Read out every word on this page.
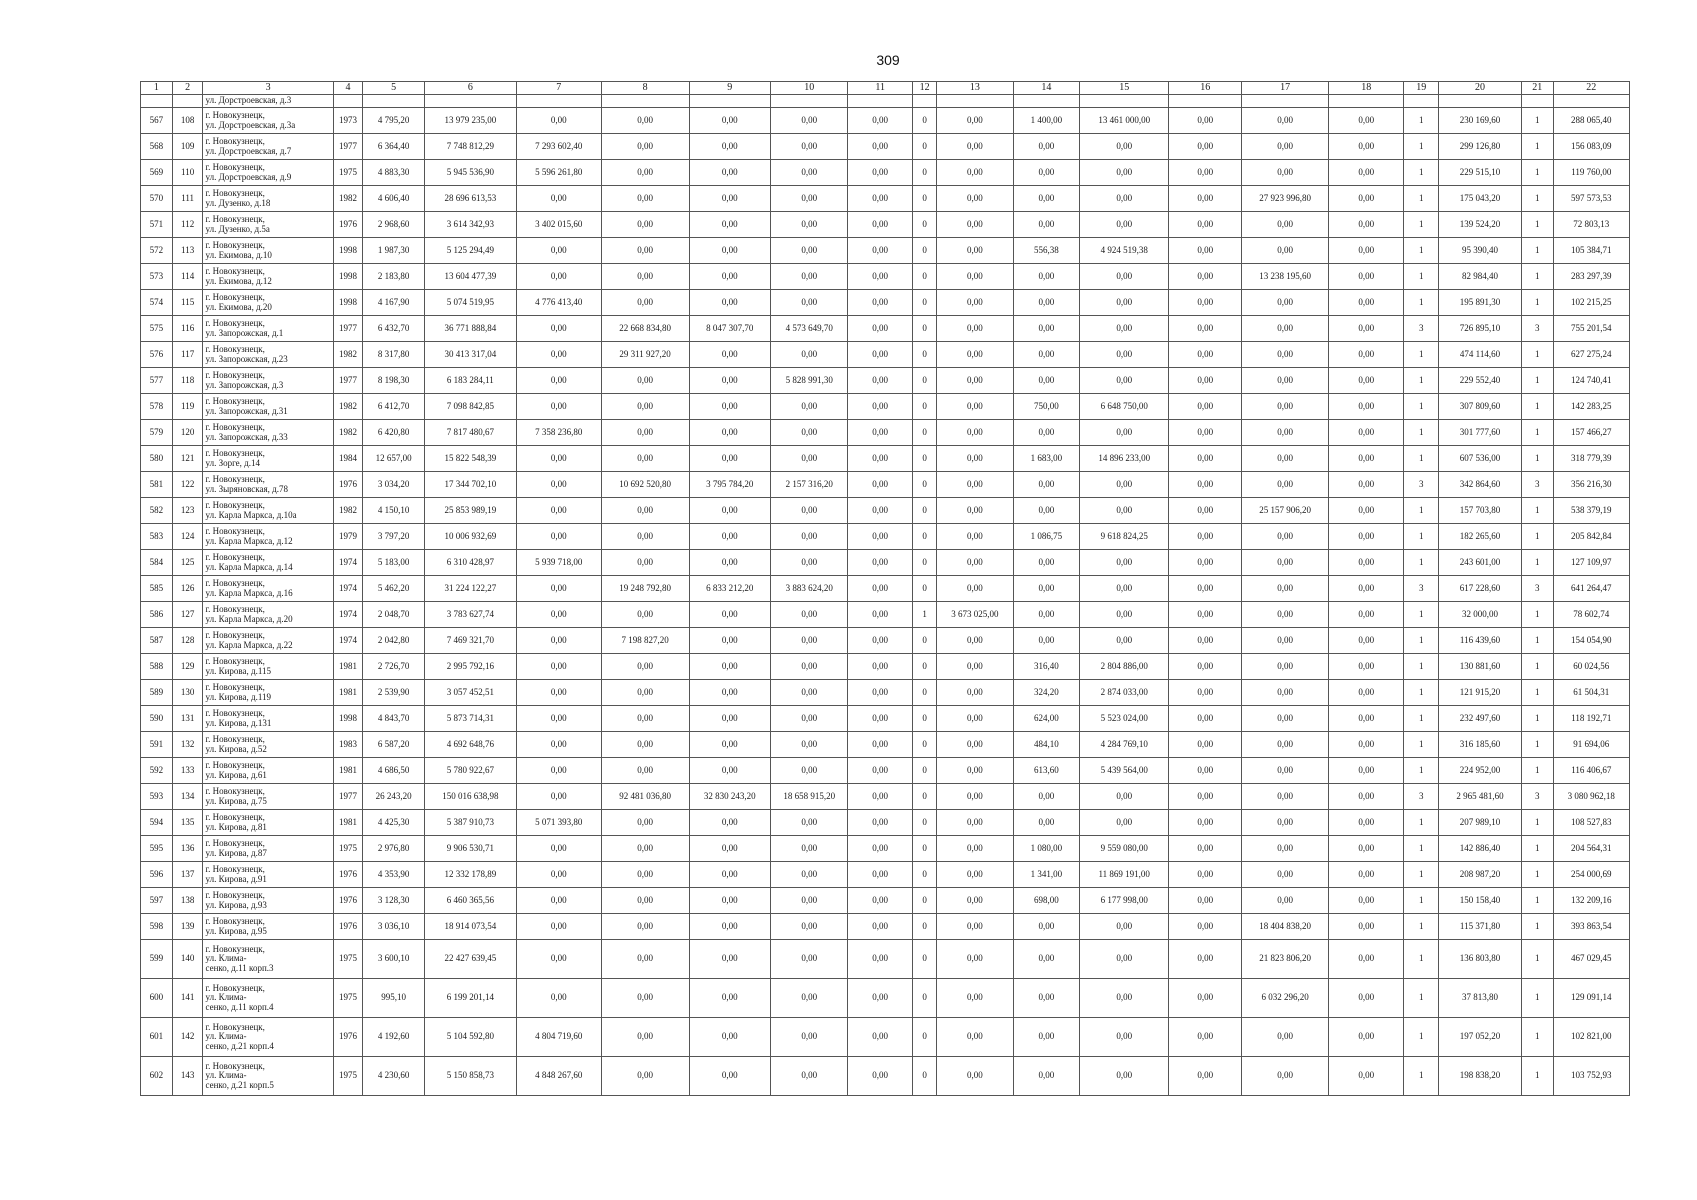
309
1	2	3	4	5	6	7	8	9	10	11	12	13	14	15	16	17	18	19	20	21	22

		ул. Дорстроевская, д.3																			

567	108	г. Новокузнецк,
ул. Дорстроевская, д.3а	1973	4 795,20	13 979 235,00	0,00	0,00	0,00	0,00	0,00	0	0,00	1 400,00	13 461 000,00	0,00	0,00	0,00	1	230 169,60	1	288 065,40
568	109	г. Новокузнецк,
ул. Дорстроевская, д.7	1977	6 364,40	7 748 812,29	7 293 602,40	0,00	0,00	0,00	0,00	0	0,00	0,00	0,00	0,00	0,00	0,00	1	299 126,80	1	156 083,09
569	110	г. Новокузнецк,
ул. Дорстроевская, д.9	1975	4 883,30	5 945 536,90	5 596 261,80	0,00	0,00	0,00	0,00	0	0,00	0,00	0,00	0,00	0,00	0,00	1	229 515,10	1	119 760,00
570	111	г. Новокузнецк,
ул. Дузенко, д.18	1982	4 606,40	28 696 613,53	0,00	0,00	0,00	0,00	0,00	0	0,00	0,00	0,00	0,00	27 923 996,80	0,00	1	175 043,20	1	597 573,53
571	112	г. Новокузнецк,
ул. Дузенко, д.5а	1976	2 968,60	3 614 342,93	3 402 015,60	0,00	0,00	0,00	0,00	0	0,00	0,00	0,00	0,00	0,00	0,00	1	139 524,20	1	72 803,13
572	113	г. Новокузнецк,
ул. Екимова, д.10	1998	1 987,30	5 125 294,49	0,00	0,00	0,00	0,00	0,00	0	0,00	556,38	4 924 519,38	0,00	0,00	0,00	1	95 390,40	1	105 384,71
573	114	г. Новокузнецк,
ул. Екимова, д.12	1998	2 183,80	13 604 477,39	0,00	0,00	0,00	0,00	0,00	0	0,00	0,00	0,00	0,00	13 238 195,60	0,00	1	82 984,40	1	283 297,39
574	115	г. Новокузнецк,
ул. Екимова, д.20	1998	4 167,90	5 074 519,95	4 776 413,40	0,00	0,00	0,00	0,00	0	0,00	0,00	0,00	0,00	0,00	0,00	1	195 891,30	1	102 215,25
575	116	г. Новокузнецк,
ул. Запорожская, д.1	1977	6 432,70	36 771 888,84	0,00	22 668 834,80	8 047 307,70	4 573 649,70	0,00	0	0,00	0,00	0,00	0,00	0,00	0,00	3	726 895,10	3	755 201,54
576	117	г. Новокузнецк,
ул. Запорожская, д.23	1982	8 317,80	30 413 317,04	0,00	29 311 927,20	0,00	0,00	0,00	0	0,00	0,00	0,00	0,00	0,00	0,00	1	474 114,60	1	627 275,24
577	118	г. Новокузнецк,
ул. Запорожская, д.3	1977	8 198,30	6 183 284,11	0,00	0,00	0,00	5 828 991,30	0,00	0	0,00	0,00	0,00	0,00	0,00	0,00	1	229 552,40	1	124 740,41
578	119	г. Новокузнецк,
ул. Запорожская, д.31	1982	6 412,70	7 098 842,85	0,00	0,00	0,00	0,00	0,00	0	0,00	750,00	6 648 750,00	0,00	0,00	0,00	1	307 809,60	1	142 283,25
579	120	г. Новокузнецк,
ул. Запорожская, д.33	1982	6 420,80	7 817 480,67	7 358 236,80	0,00	0,00	0,00	0,00	0	0,00	0,00	0,00	0,00	0,00	0,00	1	301 777,60	1	157 466,27
580	121	г. Новокузнецк,
ул. Зорге, д.14	1984	12 657,00	15 822 548,39	0,00	0,00	0,00	0,00	0,00	0	0,00	1 683,00	14 896 233,00	0,00	0,00	0,00	1	607 536,00	1	318 779,39
581	122	г. Новокузнецк,
ул. Зыряновская, д.78	1976	3 034,20	17 344 702,10	0,00	10 692 520,80	3 795 784,20	2 157 316,20	0,00	0	0,00	0,00	0,00	0,00	0,00	0,00	3	342 864,60	3	356 216,30
582	123	г. Новокузнецк,
ул. Карла Маркса, д.10а	1982	4 150,10	25 853 989,19	0,00	0,00	0,00	0,00	0,00	0	0,00	0,00	0,00	0,00	25 157 906,20	0,00	1	157 703,80	1	538 379,19
583	124	г. Новокузнецк,
ул. Карла Маркса, д.12	1979	3 797,20	10 006 932,69	0,00	0,00	0,00	0,00	0,00	0	0,00	1 086,75	9 618 824,25	0,00	0,00	0,00	1	182 265,60	1	205 842,84
584	125	г. Новокузнецк,
ул. Карла Маркса, д.14	1974	5 183,00	6 310 428,97	5 939 718,00	0,00	0,00	0,00	0,00	0	0,00	0,00	0,00	0,00	0,00	0,00	1	243 601,00	1	127 109,97
585	126	г. Новокузнецк,
ул. Карла Маркса, д.16	1974	5 462,20	31 224 122,27	0,00	19 248 792,80	6 833 212,20	3 883 624,20	0,00	0	0,00	0,00	0,00	0,00	0,00	0,00	3	617 228,60	3	641 264,47
586	127	г. Новокузнецк,
ул. Карла Маркса, д.20	1974	2 048,70	3 783 627,74	0,00	0,00	0,00	0,00	0,00	1	3 673 025,00	0,00	0,00	0,00	0,00	0,00	1	32 000,00	1	78 602,74
587	128	г. Новокузнецк,
ул. Карла Маркса, д.22	1974	2 042,80	7 469 321,70	0,00	7 198 827,20	0,00	0,00	0,00	0	0,00	0,00	0,00	0,00	0,00	0,00	1	116 439,60	1	154 054,90
588	129	г. Новокузнецк,
ул. Кирова, д.115	1981	2 726,70	2 995 792,16	0,00	0,00	0,00	0,00	0,00	0	0,00	316,40	2 804 886,00	0,00	0,00	0,00	1	130 881,60	1	60 024,56
589	130	г. Новокузнецк,
ул. Кирова, д.119	1981	2 539,90	3 057 452,51	0,00	0,00	0,00	0,00	0,00	0	0,00	324,20	2 874 033,00	0,00	0,00	0,00	1	121 915,20	1	61 504,31
590	131	г. Новокузнецк,
ул. Кирова, д.131	1998	4 843,70	5 873 714,31	0,00	0,00	0,00	0,00	0,00	0	0,00	624,00	5 523 024,00	0,00	0,00	0,00	1	232 497,60	1	118 192,71
591	132	г. Новокузнецк,
ул. Кирова, д.52	1983	6 587,20	4 692 648,76	0,00	0,00	0,00	0,00	0,00	0	0,00	484,10	4 284 769,10	0,00	0,00	0,00	1	316 185,60	1	91 694,06
592	133	г. Новокузнецк,
ул. Кирова, д.61	1981	4 686,50	5 780 922,67	0,00	0,00	0,00	0,00	0,00	0	0,00	613,60	5 439 564,00	0,00	0,00	0,00	1	224 952,00	1	116 406,67
593	134	г. Новокузнецк,
ул. Кирова, д.75	1977	26 243,20	150 016 638,98	0,00	92 481 036,80	32 830 243,20	18 658 915,20	0,00	0	0,00	0,00	0,00	0,00	0,00	0,00	3	2 965 481,60	3	3 080 962,18
594	135	г. Новокузнецк,
ул. Кирова, д.81	1981	4 425,30	5 387 910,73	5 071 393,80	0,00	0,00	0,00	0,00	0	0,00	0,00	0,00	0,00	0,00	0,00	1	207 989,10	1	108 527,83
595	136	г. Новокузнецк,
ул. Кирова, д.87	1975	2 976,80	9 906 530,71	0,00	0,00	0,00	0,00	0,00	0	0,00	1 080,00	9 559 080,00	0,00	0,00	0,00	1	142 886,40	1	204 564,31
596	137	г. Новокузнецк,
ул. Кирова, д.91	1976	4 353,90	12 332 178,89	0,00	0,00	0,00	0,00	0,00	0	0,00	1 341,00	11 869 191,00	0,00	0,00	0,00	1	208 987,20	1	254 000,69
597	138	г. Новокузнецк,
ул. Кирова, д.93	1976	3 128,30	6 460 365,56	0,00	0,00	0,00	0,00	0,00	0	0,00	698,00	6 177 998,00	0,00	0,00	0,00	1	150 158,40	1	132 209,16
598	139	г. Новокузнецк,
ул. Кирова, д.95	1976	3 036,10	18 914 073,54	0,00	0,00	0,00	0,00	0,00	0	0,00	0,00	0,00	0,00	18 404 838,20	0,00	1	115 371,80	1	393 863,54
599	140	г. Новокузнецк,
ул. Клима-
сенко, д.11 корп.3	1975	3 600,10	22 427 639,45	0,00	0,00	0,00	0,00	0,00	0	0,00	0,00	0,00	0,00	21 823 806,20	0,00	1	136 803,80	1	467 029,45
600	141	г. Новокузнецк,
ул. Клима-
сенко, д.11 корп.4	1975	995,10	6 199 201,14	0,00	0,00	0,00	0,00	0,00	0	0,00	0,00	0,00	0,00	6 032 296,20	0,00	1	37 813,80	1	129 091,14
601	142	г. Новокузнецк,
ул. Клима-
сенко, д.21 корп.4	1976	4 192,60	5 104 592,80	4 804 719,60	0,00	0,00	0,00	0,00	0	0,00	0,00	0,00	0,00	0,00	0,00	1	197 052,20	1	102 821,00
602	143	г. Новокузнецк,
ул. Клима-
сенко, д.21 корп.5	1975	4 230,60	5 150 858,73	4 848 267,60	0,00	0,00	0,00	0,00	0	0,00	0,00	0,00	0,00	0,00	0,00	1	198 838,20	1	103 752,93
